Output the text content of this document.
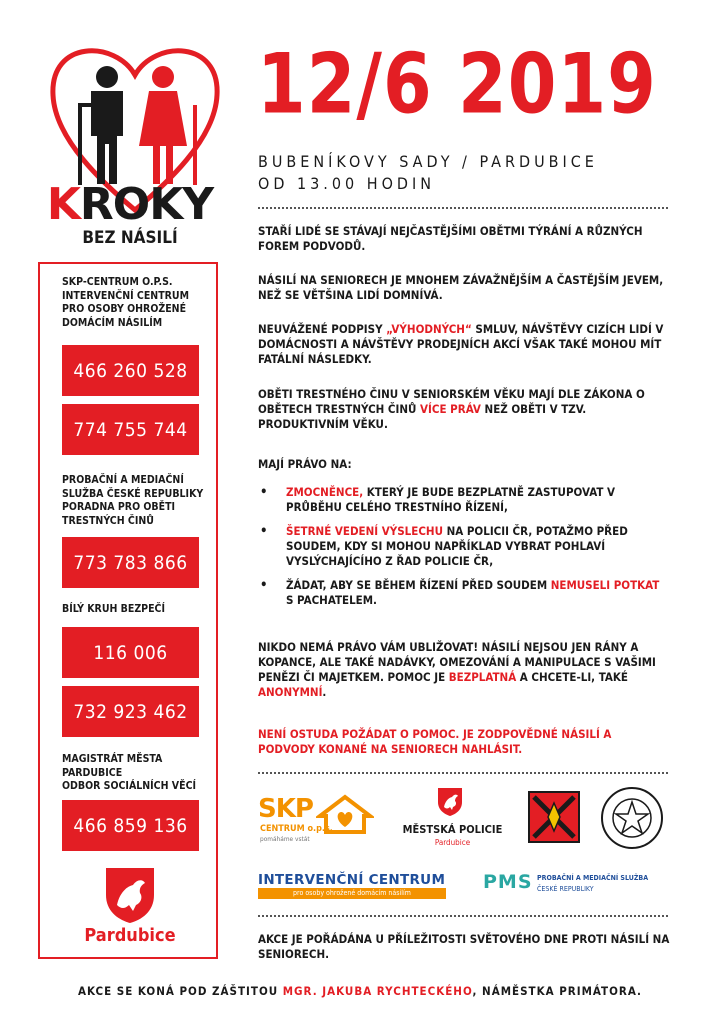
KROKY
BEZ NÁSILÍ
SKP-CENTRUM O.P.S.
INTERVENČNÍ CENTRUM
PRO OSOBY OHROŽENÉ
DOMÁCÍM NÁSILÍM
466 260 528
774 755 744
PROBAČNÍ A MEDIAČNÍ
SLUŽBA ČESKÉ REPUBLIKY
PORADNA PRO OBĚTI
TRESTNÝCH ČINŮ
773 783 866
BÍLÝ KRUH BEZPEČÍ
116 006
732 923 462
MAGISTRÁT MĚSTA
PARDUBICE
ODBOR SOCIÁLNÍCH VĚCÍ
466 859 136
Pardubice
12/6 2019
BUBENÍKOVY SADY / PARDUBICE
OD 13.00 HODIN
STAŘÍ LIDÉ SE STÁVAJÍ NEJČASTĚJŠÍMI OBĚTMI TÝRÁNÍ A RŮZNÝCH FOREM PODVODŮ.
NÁSILÍ NA SENIORECH JE MNOHEM ZÁVAŽNĚJŠÍM A ČASTĚJŠÍM JEVEM, NEŽ SE VĚTŠINA LIDÍ DOMNÍVÁ.
NEUVÁŽENÉ PODPISY „VÝHODNÝCH“ SMLUV, NÁVŠTĚVY CIZÍCH LIDÍ V DOMÁCNOSTI A NÁVŠTĚVY PRODEJNÍCH AKCÍ VŠAK TAKÉ MOHOU MÍT FATÁLNÍ NÁSLEDKY.
OBĚTI TRESTNÉHO ČINU V SENIORSKÉM VĚKU MAJÍ DLE ZÁKONA O OBĚTECH TRESTNÝCH ČINŮ VÍCE PRÁV NEŽ OBĚTI V TZV. PRODUKTIVNÍM VĚKU.
MAJÍ PRÁVO NA:
• ZMOCNĚNCE, KTERÝ JE BUDE BEZPLATNĚ ZASTUPOVAT V PRŮBĚHU CELÉHO TRESTNÍHO ŘÍZENÍ,
• ŠETRNÉ VEDENÍ VÝSLECHU NA POLICII ČR, POTAŽMO PŘED SOUDEM, KDY SI MOHOU NAPŘÍKLAD VYBRAT POHLAVÍ VYSLÝCHAJÍCÍHO Z ŘAD POLICIE ČR,
• ŽÁDAT, ABY SE BĚHEM ŘÍZENÍ PŘED SOUDEM NEMUSELI POTKAT S PACHATELEM.
NIKDO NEMÁ PRÁVO VÁM UBLIŽOVAT! NÁSILÍ NEJSOU JEN RÁNY A KOPANCE, ALE TAKÉ NADÁVKY, OMEZOVÁNÍ A MANIPULACE S VAŠIMI PENĚZI ČI MAJETKEM. POMOC JE BEZPLATNÁ A CHCETE-LI, TAKÉ ANONYMNÍ.
NENÍ OSTUDA POŽÁDAT O POMOC. JE ZODPOVĚDNÉ NÁSILÍ A PODVODY KONANÉ NA SENIORECH NAHLÁSIT.
SKP
CENTRUM o.p.s.
pomáháme vstát
MĚSTSKÁ POLICIE
Pardubice
INTERVENČNÍ CENTRUM
pro osoby ohrožené domácím násilím	PMS PROBAČNÍ A MEDIAČNÍ SLUŽBA
ČESKÉ REPUBLIKY
AKCE JE POŘÁDÁNA U PŘÍLEŽITOSTI SVĚTOVÉHO DNE PROTI NÁSILÍ NA SENIORECH.
AKCE SE KONÁ POD ZÁŠTITOU MGR. JAKUBA RYCHTECKÉHO, NÁMĚSTKA PRIMÁTORA.
